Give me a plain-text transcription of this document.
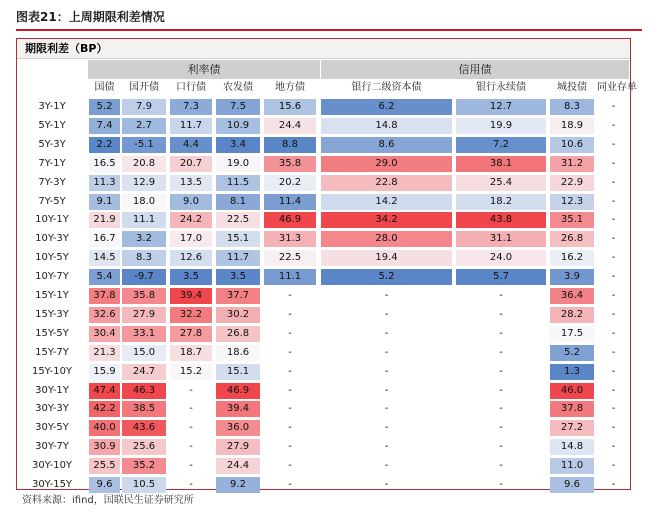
图表21：上周期限利差情况
期限利差（BP）
利率债	信用债
国债	国开债	口行债	农发债	地方债	银行二级资本债	银行永续债	城投债	同业存单
3Y-1Y	5.2	7.9	7.3	7.5	15.6	6.2	12.7	8.3	-
5Y-1Y	7.4	2.7	11.7	10.9	24.4	14.8	19.9	18.9	-
5Y-3Y	2.2	-5.1	4.4	3.4	8.8	8.6	7.2	10.6	-
7Y-1Y	16.5	20.8	20.7	19.0	35.8	29.0	38.1	31.2	-
7Y-3Y	11.3	12.9	13.5	11.5	20.2	22.8	25.4	22.9	-
7Y-5Y	9.1	18.0	9.0	8.1	11.4	14.2	18.2	12.3	-
10Y-1Y	21.9	11.1	24.2	22.5	46.9	34.2	43.8	35.1	-
10Y-3Y	16.7	3.2	17.0	15.1	31.3	28.0	31.1	26.8	-
10Y-5Y	14.5	8.3	12.6	11.7	22.5	19.4	24.0	16.2	-
10Y-7Y	5.4	-9.7	3.5	3.5	11.1	5.2	5.7	3.9	-
15Y-1Y	37.8	35.8	39.4	37.7	-	-	-	36.4	-
15Y-3Y	32.6	27.9	32.2	30.2	-	-	-	28.2	-
15Y-5Y	30.4	33.1	27.8	26.8	-	-	-	17.5	-
15Y-7Y	21.3	15.0	18.7	18.6	-	-	-	5.2	-
15Y-10Y	15.9	24.7	15.2	15.1	-	-	-	1.3	-
30Y-1Y	47.4	46.3	-	46.9	-	-	-	46.0	-
30Y-3Y	42.2	38.5	-	39.4	-	-	-	37.8	-
30Y-5Y	40.0	43.6	-	36.0	-	-	-	27.2	-
30Y-7Y	30.9	25.6	-	27.9	-	-	-	14.8	-
30Y-10Y	25.5	35.2	-	24.4	-	-	-	11.0	-
30Y-15Y	9.6	10.5	-	9.2	-	-	-	9.6	-
资料来源：ifind，国联民生证券研究所
